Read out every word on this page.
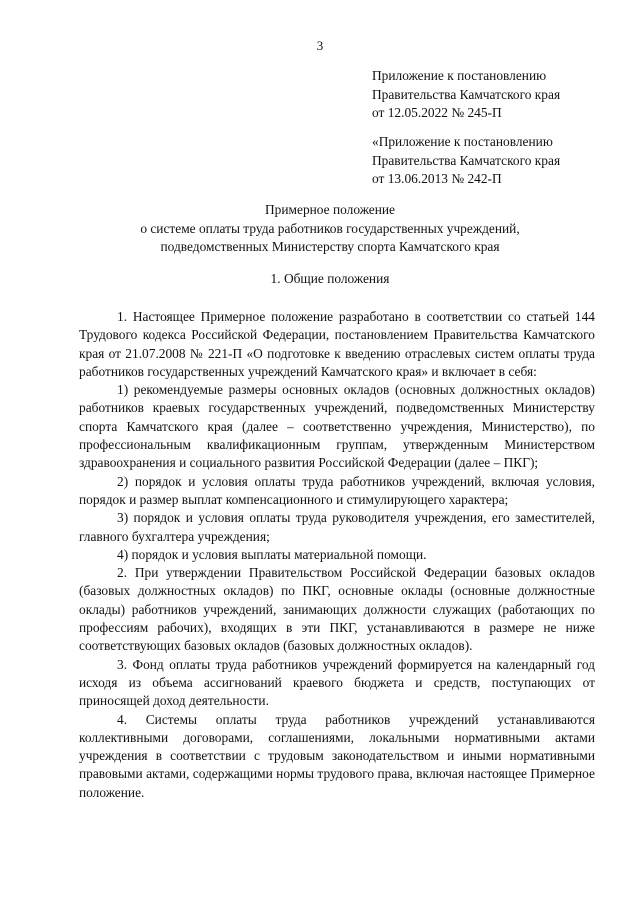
3
Приложение к постановлению
Правительства Камчатского края
от 12.05.2022 № 245-П
«Приложение к постановлению
Правительства Камчатского края
от 13.06.2013 № 242-П
Примерное положение
о системе оплаты труда работников государственных учреждений,
подведомственных Министерству спорта Камчатского края
1. Общие положения

1. Настоящее Примерное положение разработано в соответствии со статьей 144 Трудового кодекса Российской Федерации, постановлением Правительства Камчатского края от 21.07.2008 № 221-П «О подготовке к введению отраслевых систем оплаты труда работников государственных учреждений Камчатского края» и включает в себя:

1) рекомендуемые размеры основных окладов (основных должностных окладов) работников краевых государственных учреждений, подведомственных Министерству спорта Камчатского края (далее – соответственно учреждения, Министерство), по профессиональным квалификационным группам, утвержденным Министерством здравоохранения и социального развития Российской Федерации (далее – ПКГ);

2) порядок и условия оплаты труда работников учреждений, включая условия, порядок и размер выплат компенсационного и стимулирующего характера;

3) порядок и условия оплаты труда руководителя учреждения, его заместителей, главного бухгалтера учреждения;

4) порядок и условия выплаты материальной помощи.

2. При утверждении Правительством Российской Федерации базовых окладов (базовых должностных окладов) по ПКГ, основные оклады (основные должностные оклады) работников учреждений, занимающих должности служащих (работающих по профессиям рабочих), входящих в эти ПКГ, устанавливаются в размере не ниже соответствующих базовых окладов (базовых должностных окладов).

3. Фонд оплаты труда работников учреждений формируется на календарный год исходя из объема ассигнований краевого бюджета и средств, поступающих от приносящей доход деятельности.

4. Системы оплаты труда работников учреждений устанавливаются коллективными договорами, соглашениями, локальными нормативными актами учреждения в соответствии с трудовым законодательством и иными нормативными правовыми актами, содержащими нормы трудового права, включая настоящее Примерное положение.
